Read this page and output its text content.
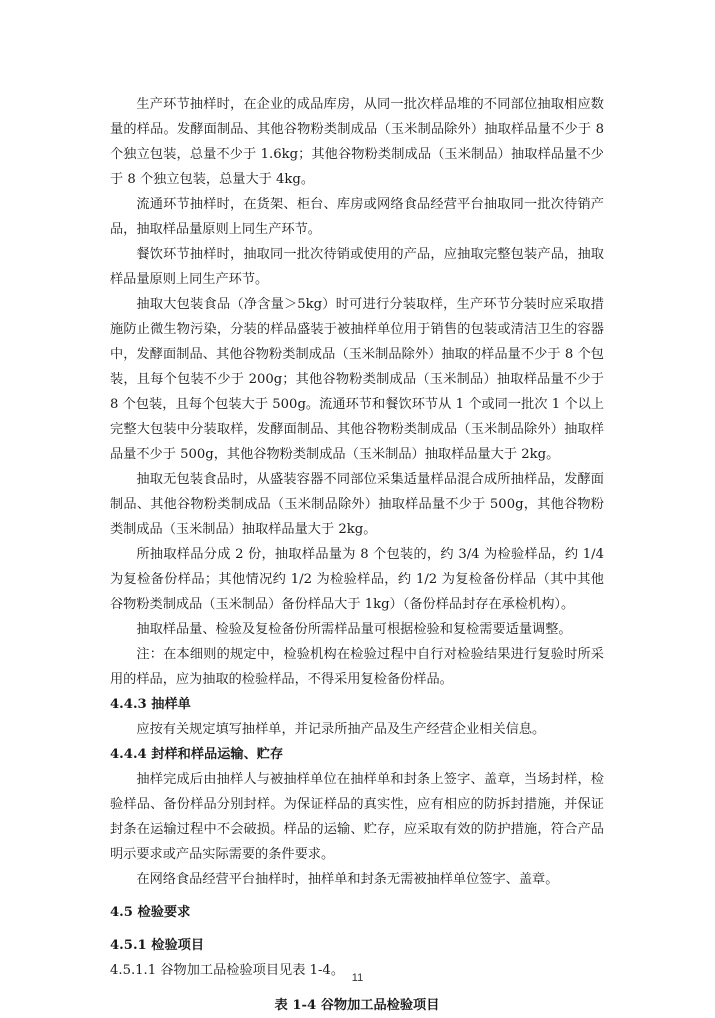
生产环节抽样时，在企业的成品库房，从同一批次样品堆的不同部位抽取相应数量的样品。发酵面制品、其他谷物粉类制成品（玉米制品除外）抽取样品量不少于 8 个独立包装，总量不少于 1.6kg；其他谷物粉类制成品（玉米制品）抽取样品量不少于 8 个独立包装，总量大于 4kg。

流通环节抽样时，在货架、柜台、库房或网络食品经营平台抽取同一批次待销产品，抽取样品量原则上同生产环节。

餐饮环节抽样时，抽取同一批次待销或使用的产品，应抽取完整包装产品，抽取样品量原则上同生产环节。

抽取大包装食品（净含量＞5kg）时可进行分装取样，生产环节分装时应采取措施防止微生物污染，分装的样品盛装于被抽样单位用于销售的包装或清洁卫生的容器中，发酵面制品、其他谷物粉类制成品（玉米制品除外）抽取的样品量不少于 8 个包装，且每个包装不少于 200g；其他谷物粉类制成品（玉米制品）抽取样品量不少于 8 个包装，且每个包装大于 500g。流通环节和餐饮环节从 1 个或同一批次 1 个以上完整大包装中分装取样，发酵面制品、其他谷物粉类制成品（玉米制品除外）抽取样品量不少于 500g，其他谷物粉类制成品（玉米制品）抽取样品量大于 2kg。

抽取无包装食品时，从盛装容器不同部位采集适量样品混合成所抽样品，发酵面制品、其他谷物粉类制成品（玉米制品除外）抽取样品量不少于 500g，其他谷物粉类制成品（玉米制品）抽取样品量大于 2kg。

所抽取样品分成 2 份，抽取样品量为 8 个包装的，约 3/4 为检验样品，约 1/4 为复检备份样品；其他情况约 1/2 为检验样品，约 1/2 为复检备份样品（其中其他谷物粉类制成品（玉米制品）备份样品大于 1kg）（备份样品封存在承检机构）。

抽取样品量、检验及复检备份所需样品量可根据检验和复检需要适量调整。

注：在本细则的规定中，检验机构在检验过程中自行对检验结果进行复验时所采用的样品，应为抽取的检验样品，不得采用复检备份样品。

4.4.3 抽样单

应按有关规定填写抽样单，并记录所抽产品及生产经营企业相关信息。

4.4.4 封样和样品运输、贮存

抽样完成后由抽样人与被抽样单位在抽样单和封条上签字、盖章，当场封样，检验样品、备份样品分别封样。为保证样品的真实性，应有相应的防拆封措施，并保证封条在运输过程中不会破损。样品的运输、贮存，应采取有效的防护措施，符合产品明示要求或产品实际需要的条件要求。

在网络食品经营平台抽样时，抽样单和封条无需被抽样单位签字、盖章。

4.5 检验要求

4.5.1 检验项目

4.5.1.1 谷物加工品检验项目见表 1-4。

表 1-4 谷物加工品检验项目

11
